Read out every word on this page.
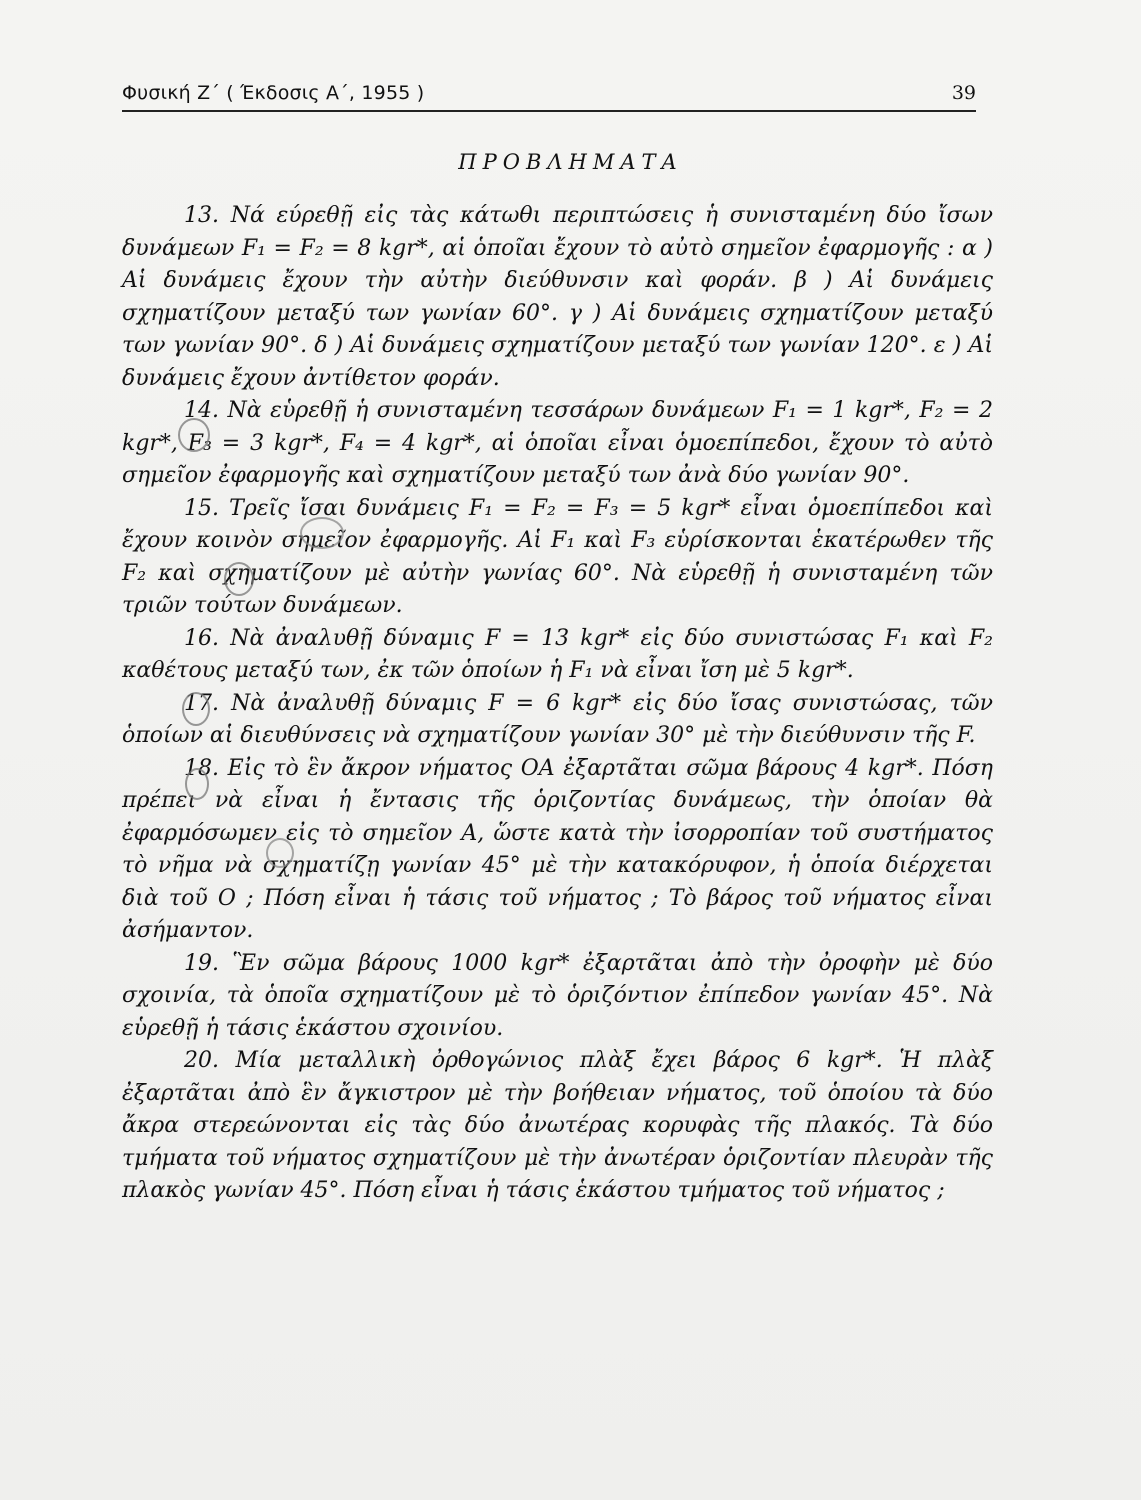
Φυσική Ζ΄ ( Έκδοσις Α΄, 1955 )	39
ΠΡΟΒΛΗΜΑΤΑ

13. Νά εύρεθῇ εἰς τὰς κάτωθι περιπτώσεις ἡ συνισταμένη δύο ἴσων δυνάμεων F₁ = F₂ = 8 kgr*, αἱ ὁποῖαι ἔχουν τὸ αὐτὸ σημεῖον ἐφαρμογῆς : α ) Αἱ δυνάμεις ἔχουν τὴν αὐτὴν διεύθυνσιν καὶ φοράν. β ) Αἱ δυνάμεις σχηματίζουν μεταξύ των γωνίαν 60°. γ ) Αἱ δυνάμεις σχηματίζουν μεταξύ των γωνίαν 90°. δ ) Αἱ δυνάμεις σχηματίζουν μεταξύ των γωνίαν 120°. ε ) Αἱ δυνάμεις ἔχουν ἀντίθετον φοράν.

14. Νὰ εὑρεθῇ ἡ συνισταμένη τεσσάρων δυνάμεων F₁ = 1 kgr*, F₂ = 2 kgr*, F₃ = 3 kgr*, F₄ = 4 kgr*, αἱ ὁποῖαι εἶναι ὁμοεπίπεδοι, ἔχουν τὸ αὐτὸ σημεῖον ἐφαρμογῆς καὶ σχηματίζουν μεταξύ των ἀνὰ δύο γωνίαν 90°.

15. Τρεῖς ἴσαι δυνάμεις F₁ = F₂ = F₃ = 5 kgr* εἶναι ὁμοεπίπεδοι καὶ ἔχουν κοινὸν σημεῖον ἐφαρμογῆς. Αἱ F₁ καὶ F₃ εὑρίσκονται ἑκατέρωθεν τῆς F₂ καὶ σχηματίζουν μὲ αὐτὴν γωνίας 60°. Νὰ εὑρεθῇ ἡ συνισταμένη τῶν τριῶν τούτων δυνάμεων.

16. Νὰ ἀναλυθῇ δύναμις F = 13 kgr* εἰς δύο συνιστώσας F₁ καὶ F₂ καθέτους μεταξύ των, ἐκ τῶν ὁποίων ἡ F₁ νὰ εἶναι ἴση μὲ 5 kgr*.

17. Νὰ ἀναλυθῇ δύναμις F = 6 kgr* εἰς δύο ἴσας συνιστώσας, τῶν ὁποίων αἱ διευθύνσεις νὰ σχηματίζουν γωνίαν 30° μὲ τὴν διεύθυνσιν τῆς F.

18. Εἰς τὸ ἓν ἄκρον νήματος ΟΑ ἐξαρτᾶται σῶμα βάρους 4 kgr*. Πόση πρέπει νὰ εἶναι ἡ ἔντασις τῆς ὁριζοντίας δυνάμεως, τὴν ὁποίαν θὰ ἐφαρμόσωμεν εἰς τὸ σημεῖον Α, ὥστε κατὰ τὴν ἰσορροπίαν τοῦ συστήματος τὸ νῆμα νὰ σχηματίζῃ γωνίαν 45° μὲ τὴν κατακόρυφον, ἡ ὁποία διέρχεται διὰ τοῦ Ο ; Πόση εἶναι ἡ τάσις τοῦ νήματος ; Τὸ βάρος τοῦ νήματος εἶναι ἀσήμαντον.

19. Ἓν σῶμα βάρους 1000 kgr* ἐξαρτᾶται ἀπὸ τὴν ὀροφὴν μὲ δύο σχοινία, τὰ ὁποῖα σχηματίζουν μὲ τὸ ὁριζόντιον ἐπίπεδον γωνίαν 45°. Νὰ εὑρεθῇ ἡ τάσις ἑκάστου σχοινίου.

20. Μία μεταλλικὴ ὀρθογώνιος πλὰξ ἔχει βάρος 6 kgr*. Ἡ πλὰξ ἐξαρτᾶται ἀπὸ ἓν ἄγκιστρον μὲ τὴν βοήθειαν νήματος, τοῦ ὁποίου τὰ δύο ἄκρα στερεώνονται εἰς τὰς δύο ἀνωτέρας κορυφὰς τῆς πλακός. Τὰ δύο τμήματα τοῦ νήματος σχηματίζουν μὲ τὴν ἀνωτέραν ὁριζοντίαν πλευρὰν τῆς πλακὸς γωνίαν 45°. Πόση εἶναι ἡ τάσις ἑκάστου τμήματος τοῦ νήματος ;
